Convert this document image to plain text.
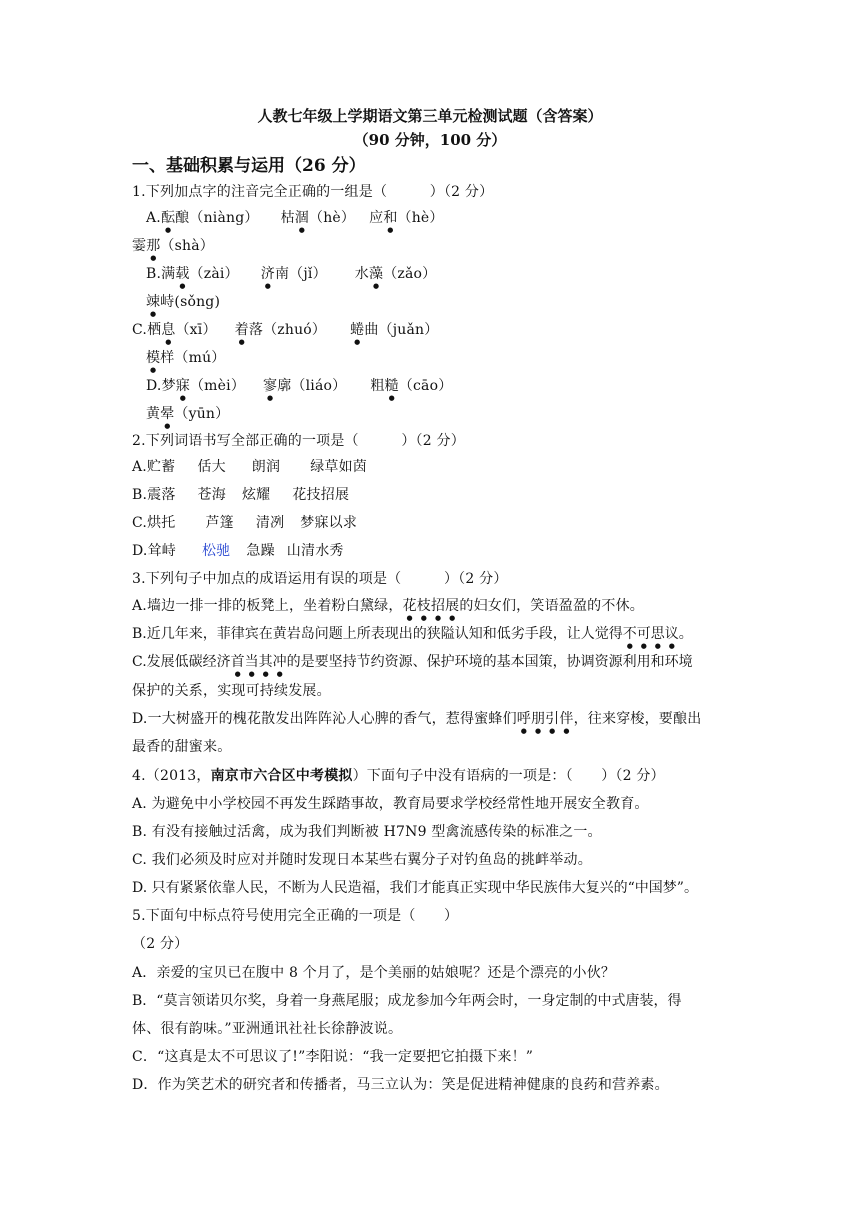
人教七年级上学期语文第三单元检测试题（含答案）
（90 分钟，100 分）
一、基础积累与运用（26 分）
1.下列加点字的注音完全正确的一组是（　　　）（2 分）
A.酝酿（niàng） 枯涸（hè） 应和（hè）
霎那（shà）
B.满载（zài） 济南（jǐ） 水藻（zǎo）
竦峙(sǒng)
C.栖息（xī） 着落（zhuó） 蜷曲（juǎn）
模样（mú）
D.梦寐（mèi） 寥廓（liáo） 粗糙（cāo）
黄晕（yūn）
2.下列词语书写全部正确的一项是（　　　）（2 分）
A.贮蓄 佸大 朗润 绿草如茵
B.震落 苍海 炫耀 花技招展
C.烘托 芦篷 清冽 梦寐以求
D.耸峙 松驰 急躁 山清水秀
3.下列句子中加点的成语运用有误的项是（　　　）（2 分）
A.墙边一排一排的板凳上，坐着粉白黛绿，花枝招展的妇女们，笑语盈盈的不休。
B.近几年来，菲律宾在黄岩岛问题上所表现出的狭隘认知和低劣手段，让人觉得不可思议。
C.发展低碳经济首当其冲的是要坚持节约资源、保护环境的基本国策，协调资源利用和环境
保护的关系，实现可持续发展。
D.一大树盛开的槐花散发出阵阵沁人心脾的香气，惹得蜜蜂们呼朋引伴，往来穿梭，要酿出
最香的甜蜜来。
4.（2013，南京市六合区中考模拟）下面句子中没有语病的一项是：（　　）（2 分）
A. 为避免中小学校园不再发生踩踏事故，教育局要求学校经常性地开展安全教育。
B. 有没有接触过活禽，成为我们判断被 H7N9 型禽流感传染的标准之一。
C. 我们必须及时应对并随时发现日本某些右翼分子对钓鱼岛的挑衅举动。
D. 只有紧紧依靠人民，不断为人民造福，我们才能真正实现中华民族伟大复兴的“中国梦”。
5.下面句中标点符号使用完全正确的一项是（　　）
（2 分）
A．亲爱的宝贝已在腹中 8 个月了，是个美丽的姑娘呢？还是个漂亮的小伙？
B．“莫言领诺贝尔奖，身着一身燕尾服；成龙参加今年两会时，一身定制的中式唐装，得
体、很有韵味。”亚洲通讯社社长徐静波说。
C．“这真是太不可思议了!”李阳说：“我一定要把它拍摄下来！”
D．作为笑艺术的研究者和传播者，马三立认为：笑是促进精神健康的良药和营养素。
